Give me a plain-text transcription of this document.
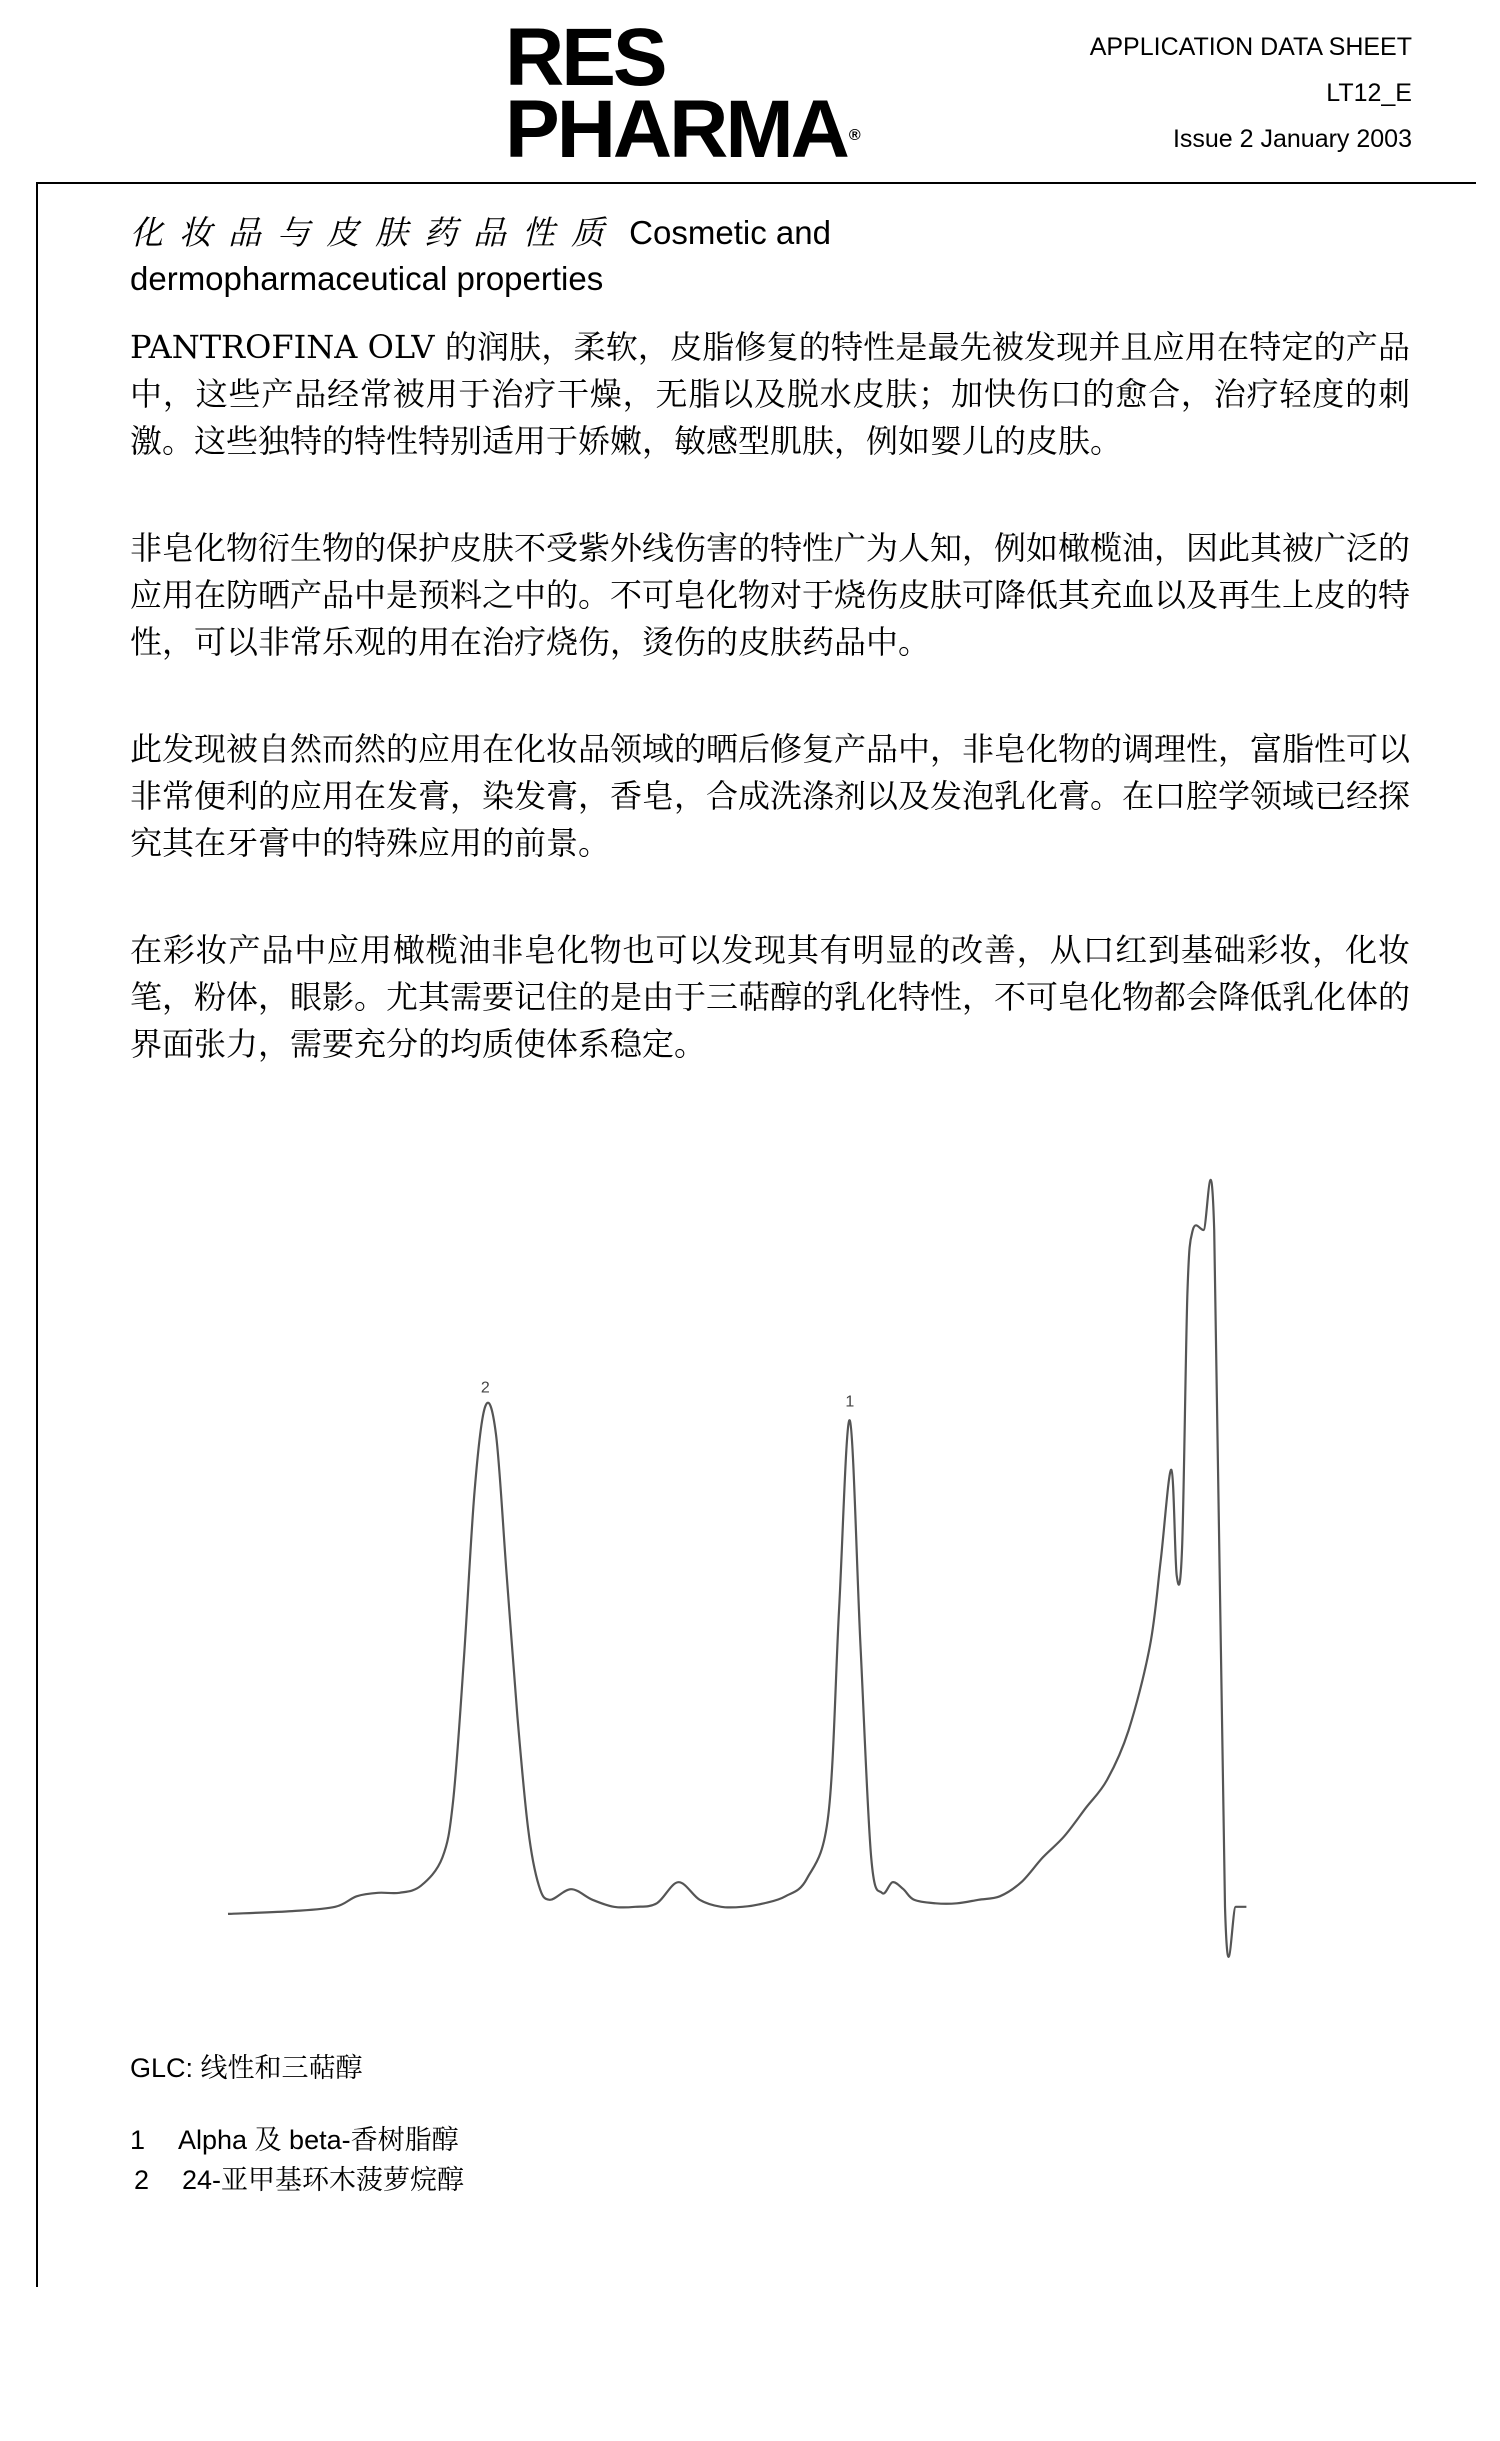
RES
PHARMA ®
APPLICATION DATA SHEET
LT12_E
Issue 2 January 2003
化妆品与皮肤药品性质 Cosmetic and dermopharmaceutical properties

PANTROFINA OLV 的润肤，柔软，皮脂修复的特性是最先被发现并且应用在特定的产品中，这些产品经常被用于治疗干燥，无脂以及脱水皮肤；加快伤口的愈合，治疗轻度的刺激。这些独特的特性特别适用于娇嫩，敏感型肌肤，例如婴儿的皮肤。

非皂化物衍生物的保护皮肤不受紫外线伤害的特性广为人知，例如橄榄油，因此其被广泛的应用在防晒产品中是预料之中的。不可皂化物对于烧伤皮肤可降低其充血以及再生上皮的特性，可以非常乐观的用在治疗烧伤，烫伤的皮肤药品中。

此发现被自然而然的应用在化妆品领域的晒后修复产品中，非皂化物的调理性，富脂性可以非常便利的应用在发膏，染发膏，香皂，合成洗涤剂以及发泡乳化膏。在口腔学领域已经探究其在牙膏中的特殊应用的前景。

在彩妆产品中应用橄榄油非皂化物也可以发现其有明显的改善，从口红到基础彩妆，化妆笔，粉体，眼影。尤其需要记住的是由于三萜醇的乳化特性，不可皂化物都会降低乳化体的界面张力，需要充分的均质使体系稳定。

2
1
GLC: 线性和三萜醇
1 Alpha 及 beta-香树脂醇
2 24-亚甲基环木菠萝烷醇
